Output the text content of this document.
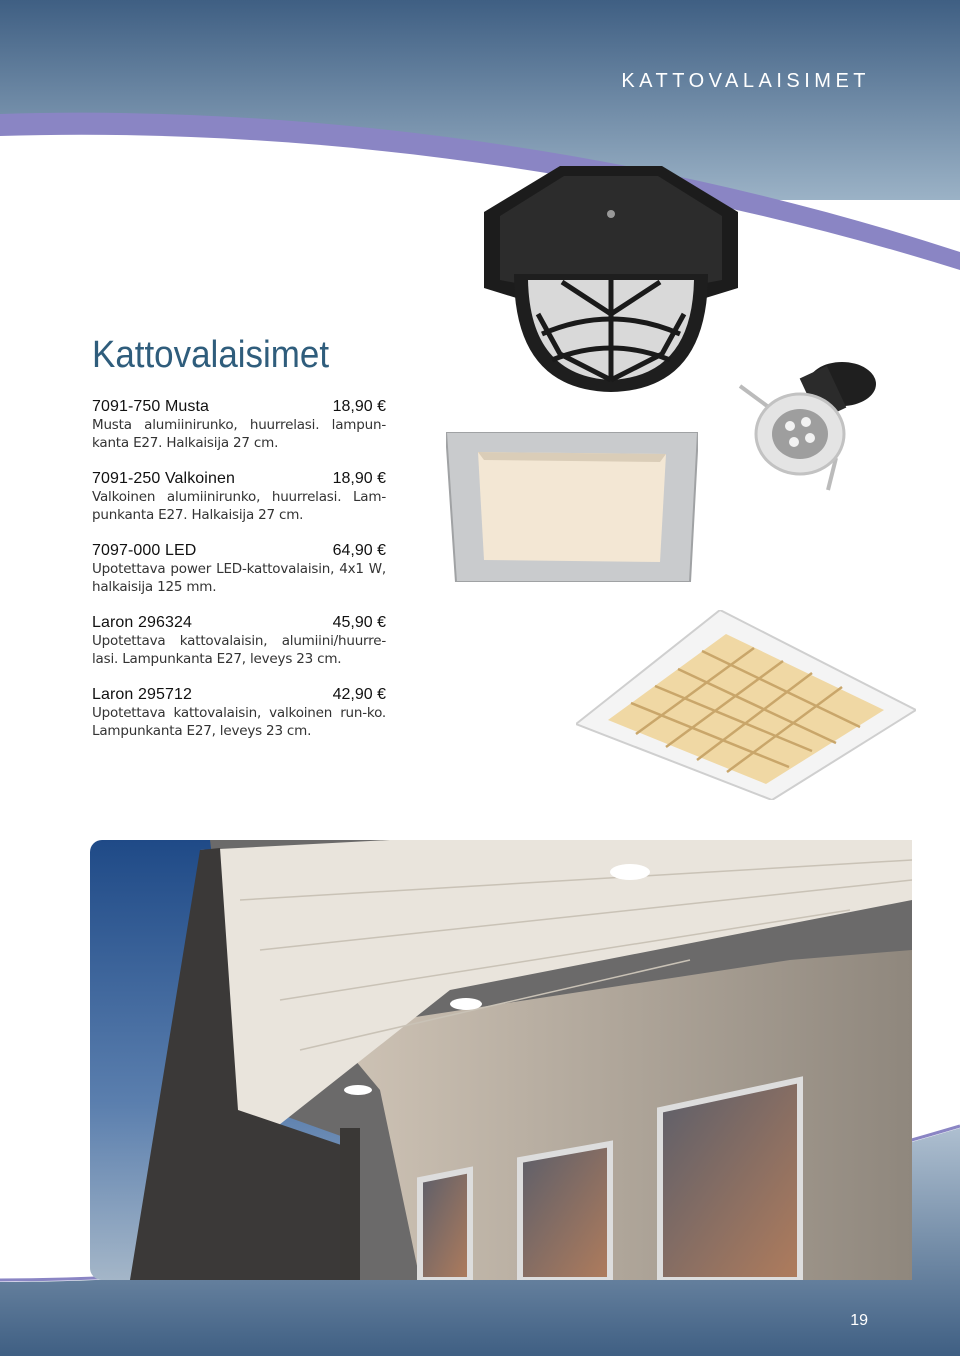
KATTOVALAISIMET
Kattovalaisimet
7091-750 Musta	18,90 €
Musta alumiinirunko, huurrelasi. lampun-kanta E27. Halkaisija 27 cm.
7091-250 Valkoinen	18,90 €
Valkoinen alumiinirunko, huurrelasi. Lam-punkanta E27. Halkaisija 27 cm.
7097-000 LED	64,90 €
Upotettava power LED-kattovalaisin, 4x1 W, halkaisija 125 mm.
Laron 296324	45,90 €
Upotettava kattovalaisin, alumiini/huurre-lasi. Lampunkanta E27, leveys 23 cm.
Laron 295712	42,90 €
Upotettava kattovalaisin, valkoinen run-ko. Lampunkanta E27, leveys 23 cm.
19
